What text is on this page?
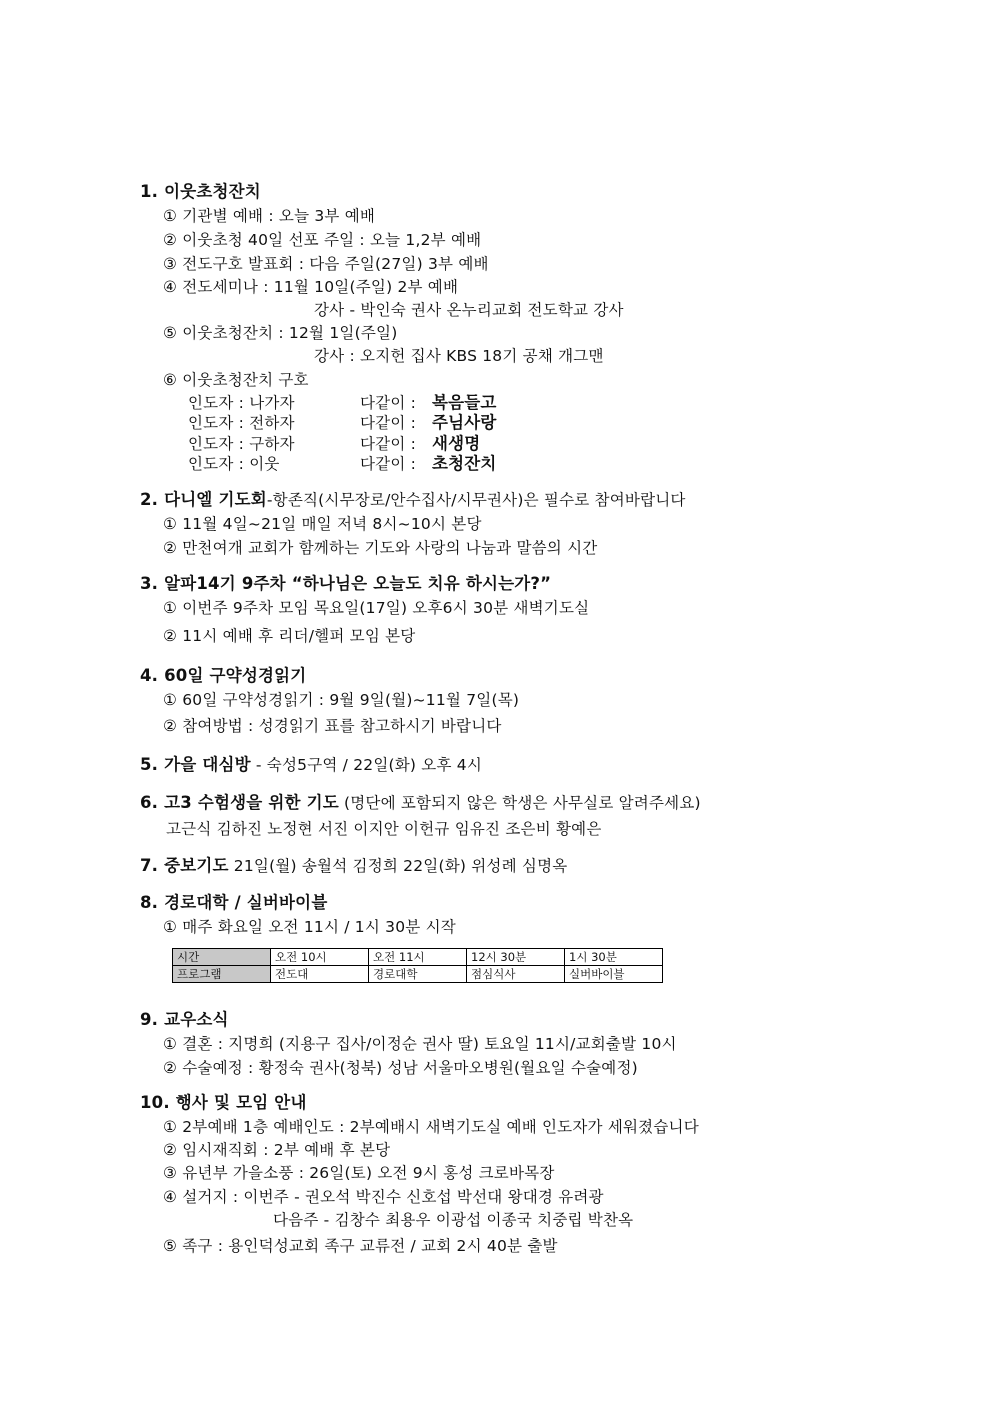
1. 이웃초청잔치
① 기관별 예배 : 오늘 3부 예배
② 이웃초청 40일 선포 주일 : 오늘 1,2부 예배
③ 전도구호 발표회 : 다음 주일(27일) 3부 예배
④ 전도세미나 : 11월 10일(주일) 2부 예배
강사 - 박인숙 권사 온누리교회 전도학교 강사
⑤ 이웃초청잔치 : 12월 1일(주일)
강사 : 오지헌 집사 KBS 18기 공채 개그맨
⑥ 이웃초청잔치 구호
인도자 : 나가자	다같이 : 복음들고
인도자 : 전하자	다같이 : 주님사랑
인도자 : 구하자	다같이 : 새생명
인도자 : 이웃	다같이 : 초청잔치
2. 다니엘 기도회-항존직(시무장로/안수집사/시무권사)은 필수로 참여바랍니다
① 11월 4일~21일 매일 저녁 8시~10시 본당
② 만천여개 교회가 함께하는 기도와 사랑의 나눔과 말씀의 시간
3. 알파14기 9주차 “하나님은 오늘도 치유 하시는가?”
① 이번주 9주차 모임 목요일(17일) 오후6시 30분 새벽기도실
② 11시 예배 후 리더/헬퍼 모임 본당
4. 60일 구약성경읽기
① 60일 구약성경읽기 : 9월 9일(월)~11월 7일(목)
② 참여방법 : 성경읽기 표를 참고하시기 바랍니다
5. 가을 대심방 - 숙성5구역 / 22일(화) 오후 4시
6. 고3 수험생을 위한 기도 (명단에 포함되지 않은 학생은 사무실로 알려주세요)
고근식 김하진 노정현 서진 이지안 이헌규 임유진 조은비 황예은
7. 중보기도 21일(월) 송월석 김정희 22일(화) 위성례 심명옥
8. 경로대학 / 실버바이블
① 매주 화요일 오전 11시 / 1시 30분 시작
시간	오전 10시	오전 11시	12시 30분	1시 30분
프로그램	전도대	경로대학	점심식사	실버바이블
9. 교우소식
① 결혼 : 지명희 (지용구 집사/이정순 권사 딸) 토요일 11시/교회출발 10시
② 수술예정 : 황정숙 권사(청북) 성남 서울마오병원(월요일 수술예정)
10. 행사 및 모임 안내
① 2부예배 1층 예배인도 : 2부예배시 새벽기도실 예배 인도자가 세워졌습니다
② 임시재직회 : 2부 예배 후 본당
③ 유년부 가을소풍 : 26일(토) 오전 9시 홍성 크로바목장
④ 설거지 : 이번주 - 권오석 박진수 신호섭 박선대 왕대경 유려광
다음주 - 김창수 최용우 이광섭 이종국 치중립 박찬옥
⑤ 족구 : 용인덕성교회 족구 교류전 / 교회 2시 40분 출발
